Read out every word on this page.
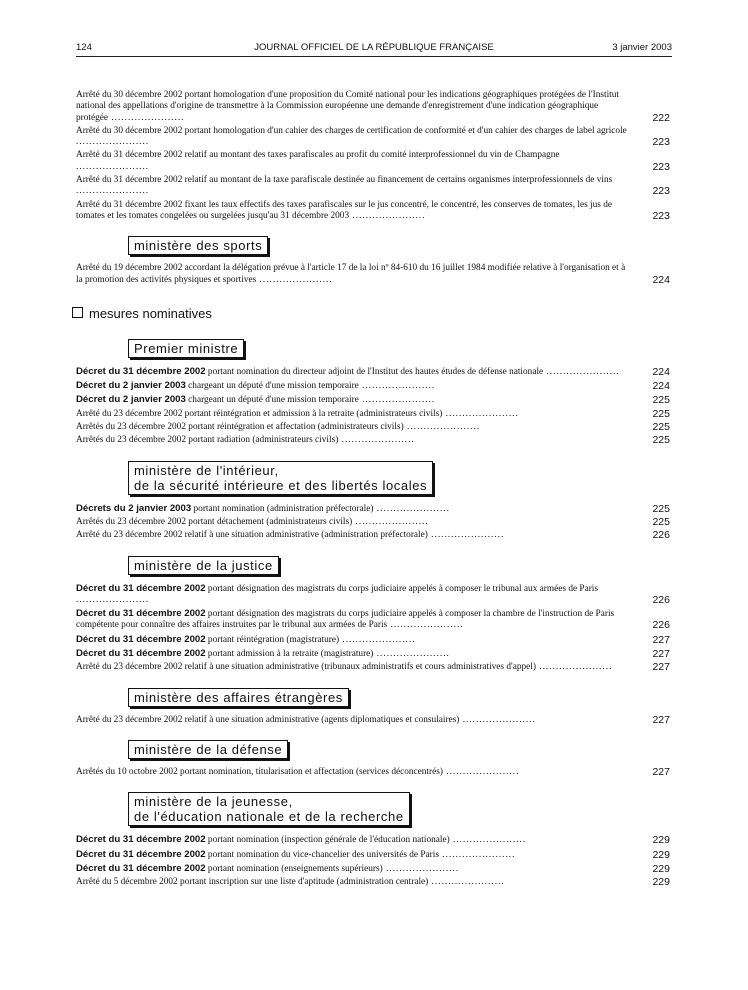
124	JOURNAL OFFICIEL DE LA RÉPUBLIQUE FRANÇAISE	3 janvier 2003
Arrêté du 30 décembre 2002 portant homologation d'une proposition du Comité national pour les indications géographiques protégées de l'Institut national des appellations d'origine de transmettre à la Commission européenne une demande d'enregistrement d'une indication géographique protégée ......................	222
Arrêté du 30 décembre 2002 portant homologation d'un cahier des charges de certification de conformité et d'un cahier des charges de label agricole ......................	223
Arrêté du 31 décembre 2002 relatif au montant des taxes parafiscales au profit du comité interprofessionnel du vin de Champagne ......................	223
Arrêté du 31 décembre 2002 relatif au montant de la taxe parafiscale destinée au financement de certains organismes interprofessionnels de vins ......................	223
Arrêté du 31 décembre 2002 fixant les taux effectifs des taxes parafiscales sur le jus concentré, le concentré, les conserves de tomates, les jus de tomates et les tomates congelées ou surgelées jusqu'au 31 décembre 2003 ......................	223
ministère des sports
Arrêté du 19 décembre 2002 accordant la délégation prévue à l'article 17 de la loi nº 84-610 du 16 juillet 1984 modifiée relative à l'organisation et à la promotion des activités physiques et sportives ......................	224
mesures nominatives
Premier ministre
Décret du 31 décembre 2002 portant nomination du directeur adjoint de l'Institut des hautes études de défense nationale ......................	224
Décret du 2 janvier 2003 chargeant un député d'une mission temporaire ......................	224
Décret du 2 janvier 2003 chargeant un député d'une mission temporaire ......................	225
Arrêté du 23 décembre 2002 portant réintégration et admission à la retraite (administrateurs civils) ......................	225
Arrêtés du 23 décembre 2002 portant réintégration et affectation (administrateurs civils) ......................	225
Arrêtés du 23 décembre 2002 portant radiation (administrateurs civils) ......................	225
ministère de l'intérieur,
de la sécurité intérieure et des libertés locales
Décrets du 2 janvier 2003 portant nomination (administration préfectorale) ......................	225
Arrêtés du 23 décembre 2002 portant détachement (administrateurs civils) ......................	225
Arrêté du 23 décembre 2002 relatif à une situation administrative (administration préfectorale) ......................	226
ministère de la justice
Décret du 31 décembre 2002 portant désignation des magistrats du corps judiciaire appelés à composer le tribunal aux armées de Paris ......................	226
Décret du 31 décembre 2002 portant désignation des magistrats du corps judiciaire appelés à composer la chambre de l'instruction de Paris compétente pour connaître des affaires instruites par le tribunal aux armées de Paris ......................	226
Décret du 31 décembre 2002 portant réintégration (magistrature) ......................	227
Décret du 31 décembre 2002 portant admission à la retraite (magistrature) ......................	227
Arrêté du 23 décembre 2002 relatif à une situation administrative (tribunaux administratifs et cours administratives d'appel) ......................	227
ministère des affaires étrangères
Arrêté du 23 décembre 2002 relatif à une situation administrative (agents diplomatiques et consulaires) ......................	227
ministère de la défense
Arrêtés du 10 octobre 2002 portant nomination, titularisation et affectation (services déconcentrés) ......................	227
ministère de la jeunesse,
de l'éducation nationale et de la recherche
Décret du 31 décembre 2002 portant nomination (inspection générale de l'éducation nationale) ......................	229
Décret du 31 décembre 2002 portant nomination du vice-chancelier des universités de Paris ......................	229
Décret du 31 décembre 2002 portant nomination (enseignements supérieurs) ......................	229
Arrêté du 5 décembre 2002 portant inscription sur une liste d'aptitude (administration centrale) ......................	229
